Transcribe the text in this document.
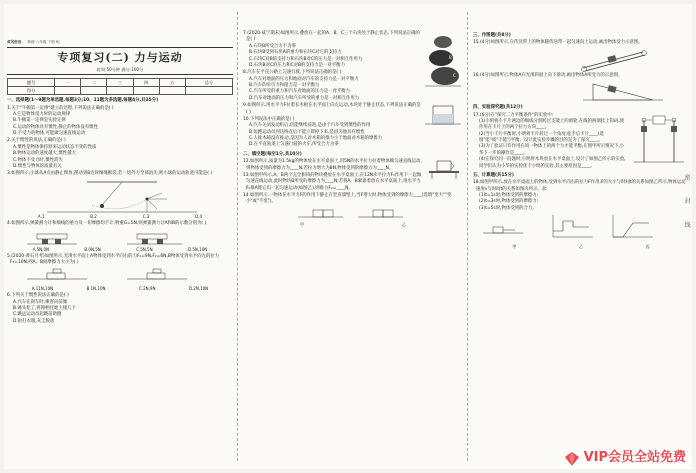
黄冈密卷 物理 八年级 下册 RJ
专项复习(二) 力与运动
时间:50分钟 满分:100分
题号	一	二	三	四	五	总分
得分						
一、选择题(1～9题为单选题,每题3分;10、11题为多选题,每题4分,共35分)
1.关于"牛顿第一定律"建立的过程,下列说法正确的是( )
A.它是物体受力时的运动规律
B.牛顿第一定律是实验定律
C.运动的物体具有惯性,静止的物体没有惯性
D.不受力的物体,可能做匀速直线运动
2.关于惯性的说法,正确的是( )
A.惯性是物体保持原来运动状态不变的性质
B.物体运动的速度越大,惯性越大
C.物体不受力时,惯性消失
D.惯性与物体的质量有关
3.如图所示,小球从A点由静止释放,摆动到B点时细绳断裂,若一切外力全部消失,则小球的运动轨迹可能是( )
A.1	B.2	C.3	D.4
4.如图所示,弹簧测力计和细线的重力及一切摩擦均不计,物重G=5N,则弹簧测力计A和B的示数分别为( )
A.5N,0N	B.0N,5N	C.5N,5N	D.5N,10N
5.(2020·黄石月考)如图所示,光滑水平面上A物体受到水平向右的力F₁=9N,F₂=6N,B物体受到水平向左的拉力F₃=10N,则A、B间摩擦力大小为( )
A.11N,10N	B.1N,10N	C.2N,9N	D.2N,10N
6.下列关于惯性说法正确的是( )
A.汽车在刹车时,乘客向前倾
B.锤头松了,将锤柄往地上撞几下
C.跳远运动员起跳前助跑
D.拍打衣服,灰尘脱落
A
B
C
7.(2020·咸宁期末)如图所示,叠放在一起的A、B、C三个石块处于静止状态,下列说法正确的是( )
A.石块B所受合力不为零
B.石块B受到石块A的重力和石块C对它的支持力
C.石块C对B的支持力和石块B对C的压力是一对相互作用力
D.石块B对C的压力和C对B的支持力是一对平衡力
8.汽车在平直公路上匀速行驶,下列说法正确的是( )
A.汽车对地面的压力和地面对汽车的支持力是一对平衡力
B.汽车的牵引力和阻力是一对平衡力
C.汽车所受的重力和汽车对地面的压力是一对平衡力
D.汽车对地面的压力和汽车所受的重力是一对相互作用力
9.如图所示,用水平力F拉着长木板在水平面上向左运动,木块处于静止状态,下列说法正确的是( )
10.下列说法中正确的是( )
A.汽车关闭发动机后,仍能继续前进,是由于汽车受到惯性的作用
B.短跑运动员到达终点后不能立即停下来,是因为他具有惯性
C.人推木箱没有推动,是因为人对木箱的推力小于地面对木箱的摩擦力
D.在平直轨道上匀速行驶的火车,所受合力为零
二、填空题(每空1分,共10分)
12.如图所示,质量为1.5kg的物体放在水平桌面上,用5N的水平拉力拉着物体做匀速直线运动,则物体受到的摩擦力为____N;若拉力增大为8N,物体受到的摩擦力为____N。
13.如图甲所示,A、B两个完全相同的物块叠放在水平桌面上,在12N水平拉力F₁作用下一起做匀速直线运动,此时物块B所受的摩擦力为____N;若将A、B紧靠着放在水平桌面上,用水平力F₂推A使它们一起匀速运动(如图乙),则推力F₂=____N。
14.如图所示,一物体在水平力F的作用下静止在竖直墙壁上,当F增大时,物体受到的摩擦力____(选填"变大""变小"或"不变")。
甲	乙
三、作图题(共8分)
15.(4分)如图所示,在传送带上的物体随传送带一起匀速向上运动,画出物体受力示意图。
16.(4分)如图所示,物体A在光滑斜面上向下滑动,画出物体A所受力的示意图。
四、实验探究题(共12分)
17.(6分)在"探究二力平衡条件"的实验中:
(1)小明将小卡片两边的细线分别跨过支架上的滑轮,在线的两端挂上钩码,使作用在卡片上的两个拉力方向____。
(2)当小卡片平衡时,小明将卡片转过一个角度,松手后卡片____(选填"能"或"不能")平衡。设计此实验步骤的目的是为了探究____。
(3)为了验证只有作用在同一物体上的两个力才能平衡,在图甲所示情况下,小华下一步的操作是____。
(4)在探究同一问题时,小明将木块放在水平桌面上,设计了如图乙所示的实验,同学们认为小华的实验优于小明的实验,其主要原因是____。
五、计算题(共15分)
18.如图甲所示,放在水平桌面上的物体,受到水平向右的拉力F作用,F的大小与时间t的关系如图乙所示,物体运动速度v与时间t的关系如图丙所示。求:
(1)t=1s时,物体受到的摩擦力;
(2)t=3s时,物体受到的摩擦力;
(3)t=5s时,物体受到的合力。
甲	乙	丙
密 封 线
VIP会员全站免费
